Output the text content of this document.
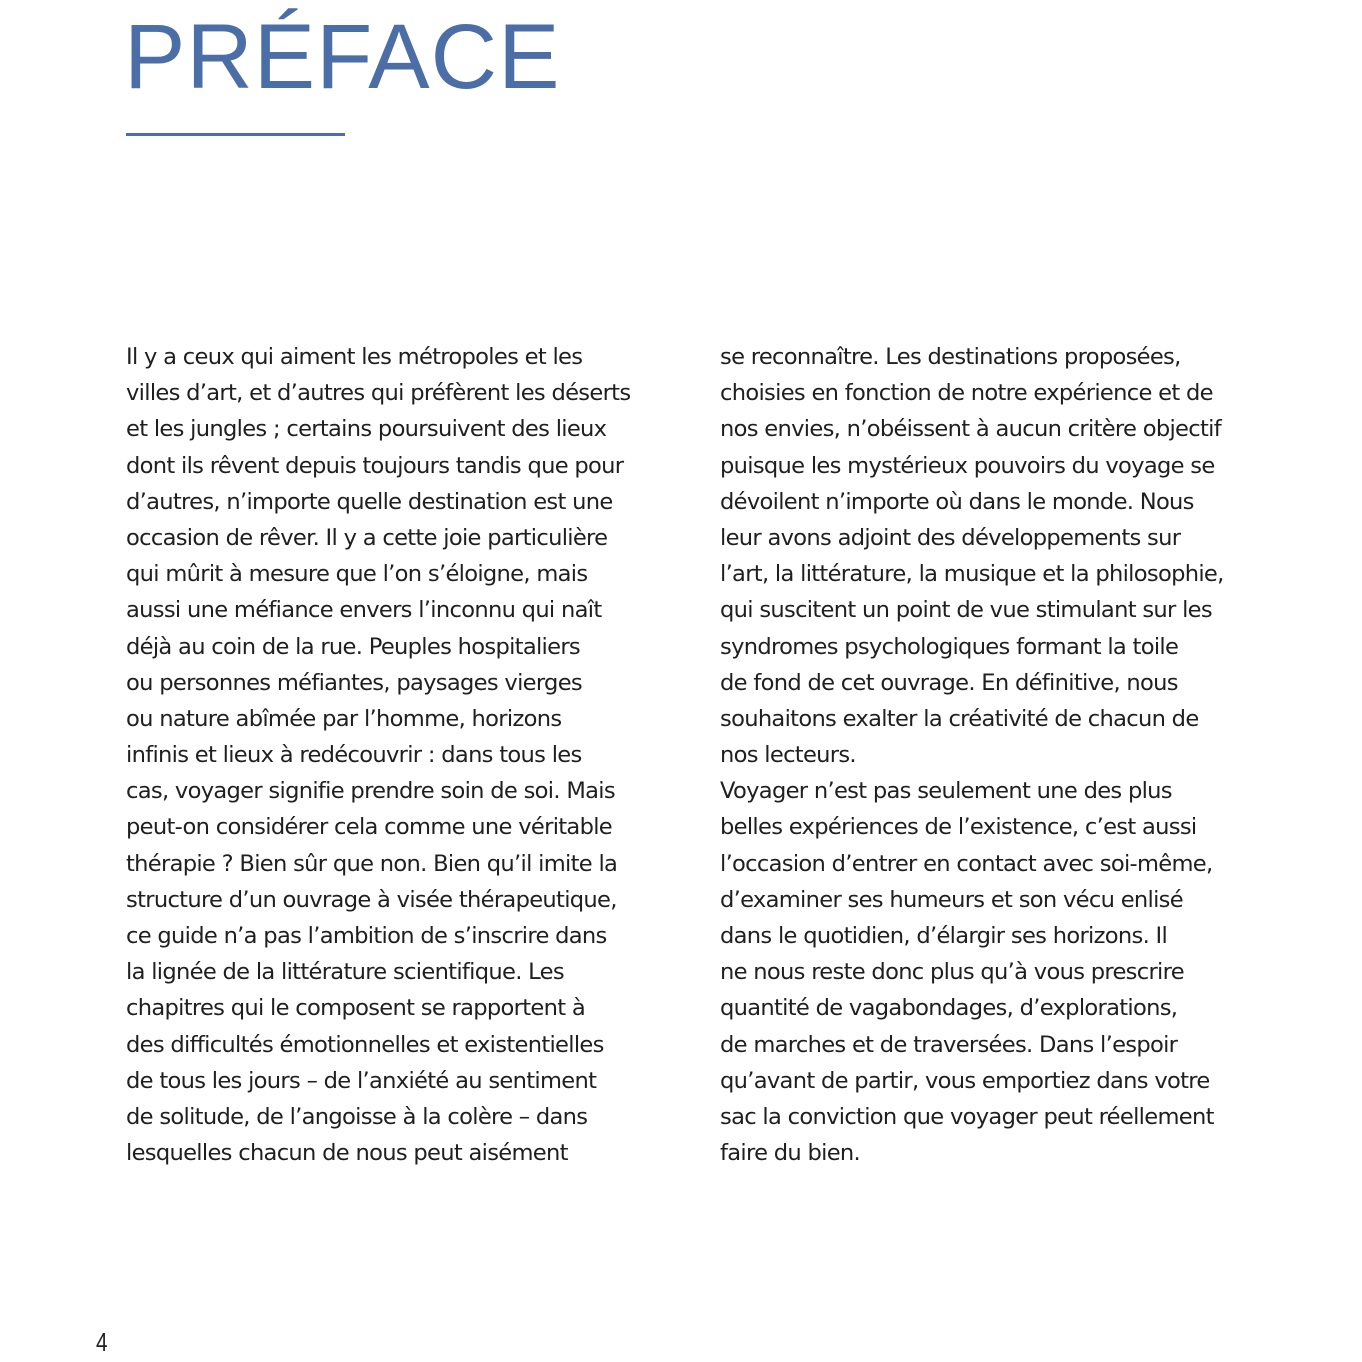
PRÉFACE
Il y a ceux qui aiment les métropoles et les
villes d’art, et d’autres qui préfèrent les déserts
et les jungles ; certains poursuivent des lieux
dont ils rêvent depuis toujours tandis que pour
d’autres, n’importe quelle destination est une
occasion de rêver. Il y a cette joie particulière
qui mûrit à mesure que l’on s’éloigne, mais
aussi une méfiance envers l’inconnu qui naît
déjà au coin de la rue. Peuples hospitaliers
ou personnes méfiantes, paysages vierges
ou nature abîmée par l’homme, horizons
infinis et lieux à redécouvrir : dans tous les
cas, voyager signifie prendre soin de soi. Mais
peut-on considérer cela comme une véritable
thérapie ? Bien sûr que non. Bien qu’il imite la
structure d’un ouvrage à visée thérapeutique,
ce guide n’a pas l’ambition de s’inscrire dans
la lignée de la littérature scientifique. Les
chapitres qui le composent se rapportent à
des difficultés émotionnelles et existentielles
de tous les jours – de l’anxiété au sentiment
de solitude, de l’angoisse à la colère – dans
lesquelles chacun de nous peut aisément
se reconnaître. Les destinations proposées,
choisies en fonction de notre expérience et de
nos envies, n’obéissent à aucun critère objectif
puisque les mystérieux pouvoirs du voyage se
dévoilent n’importe où dans le monde. Nous
leur avons adjoint des développements sur
l’art, la littérature, la musique et la philosophie,
qui suscitent un point de vue stimulant sur les
syndromes psychologiques formant la toile
de fond de cet ouvrage. En définitive, nous
souhaitons exalter la créativité de chacun de
nos lecteurs.
Voyager n’est pas seulement une des plus
belles expériences de l’existence, c’est aussi
l’occasion d’entrer en contact avec soi-même,
d’examiner ses humeurs et son vécu enlisé
dans le quotidien, d’élargir ses horizons. Il
ne nous reste donc plus qu’à vous prescrire
quantité de vagabondages, d’explorations,
de marches et de traversées. Dans l’espoir
qu’avant de partir, vous emportiez dans votre
sac la conviction que voyager peut réellement
faire du bien.
4
